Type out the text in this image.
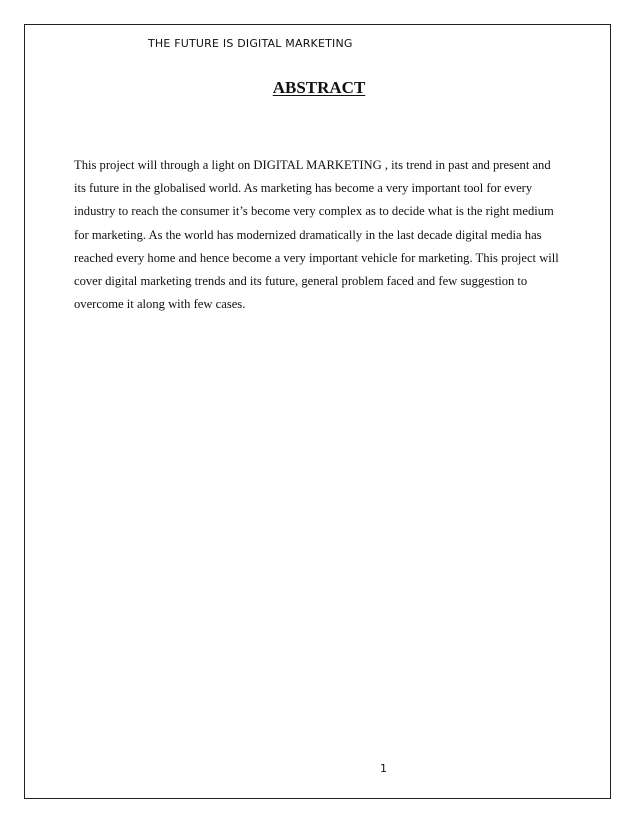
THE FUTURE IS DIGITAL MARKETING
ABSTRACT

This project will through a light on DIGITAL MARKETING , its trend in past and present and its future in the globalised world. As marketing has become a very important tool for every industry to reach the consumer it’s become very complex as to decide what is the right medium for marketing. As the world has modernized dramatically in the last decade digital media has reached every home and hence become a very important vehicle for marketing. This project will cover digital marketing trends and its future, general problem faced and few suggestion to overcome it along with few cases.

1
